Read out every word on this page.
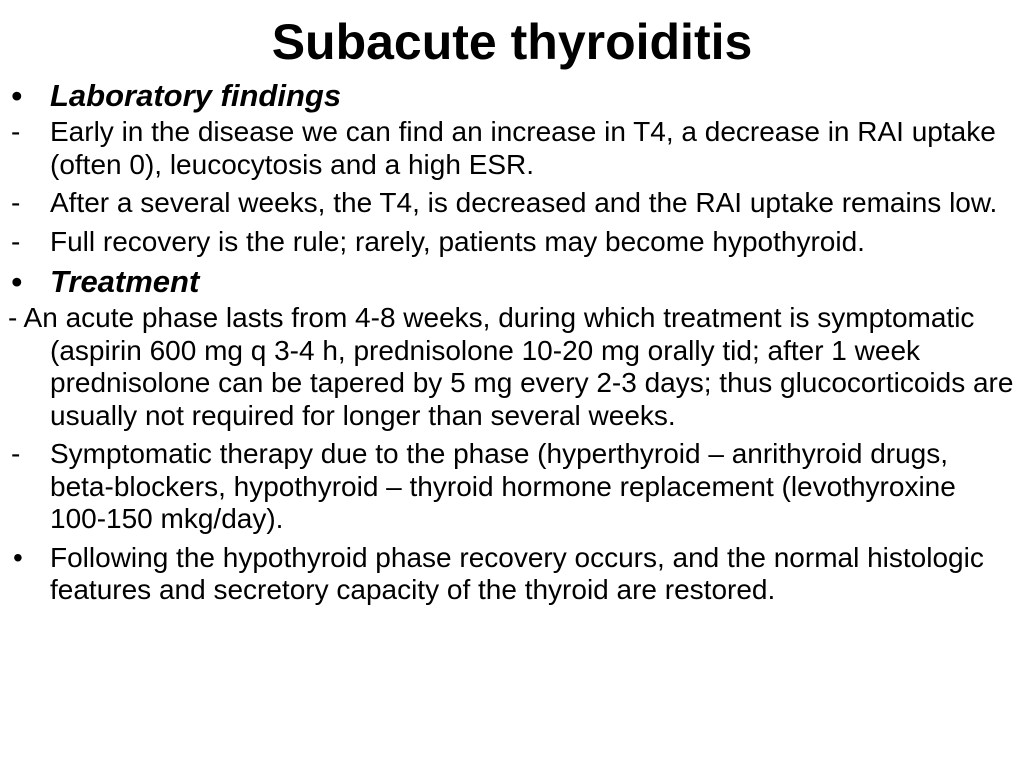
Subacute thyroiditis
• Laboratory findings
- Early in the disease we can find an increase in T4, a decrease in RAI uptake (often 0), leucocytosis and a high ESR.
- After a several weeks, the T4, is decreased and the RAI uptake remains low.
- Full recovery is the rule; rarely, patients may become hypothyroid.
• Treatment
- An acute phase lasts from 4-8 weeks, during which treatment is symptomatic (aspirin 600 mg q 3-4 h, prednisolone 10-20 mg orally tid; after 1 week prednisolone can be tapered by 5 mg every 2-3 days; thus glucocorticoids are usually not required for longer than several weeks.
- Symptomatic therapy due to the phase (hyperthyroid – anrithyroid drugs, beta-blockers, hypothyroid – thyroid hormone replacement (levothyroxine 100-150 mkg/day).
• Following the hypothyroid phase recovery occurs, and the normal histologic features and secretory capacity of the thyroid are restored.
